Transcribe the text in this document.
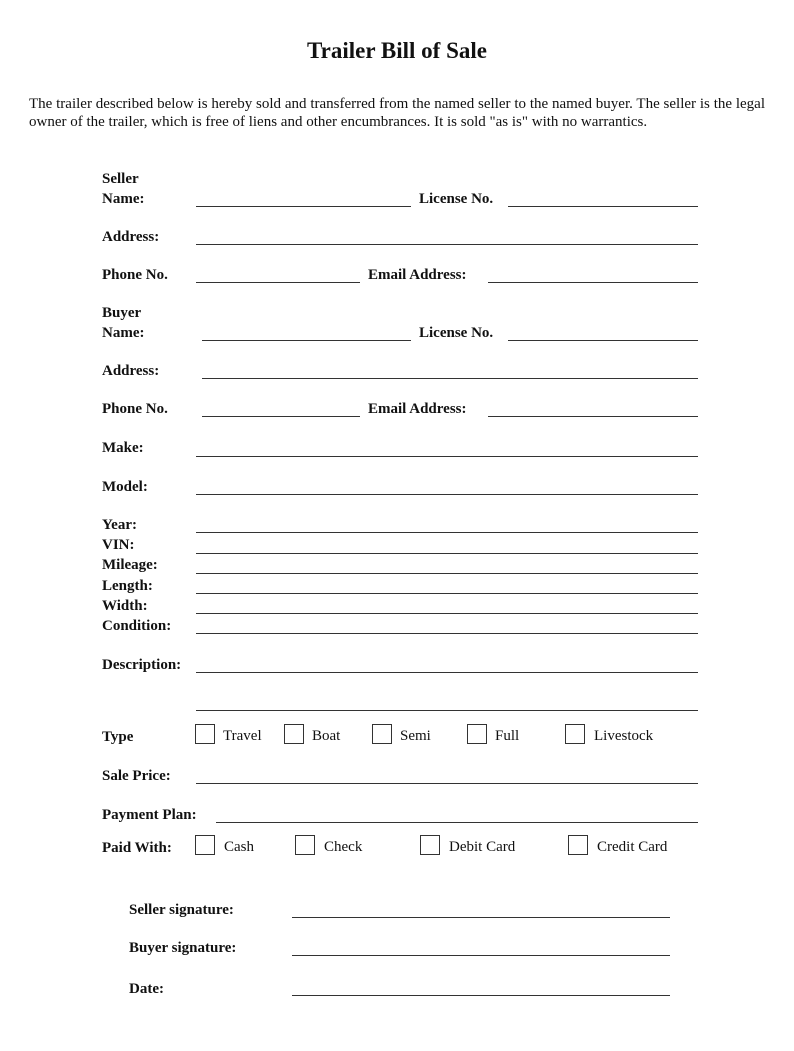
Trailer Bill of Sale
The trailer described below is hereby sold and transferred from the named seller to the named buyer. The seller is the legal owner of the trailer, which is free of liens and other encumbrances. It is sold "as is" with no warrantics.
Seller
Name:	License No.
Address:
Phone No.	Email Address:
Buyer
Name:	License No.
Address:
Phone No.	Email Address:
Make:
Model:
Year:
VIN:
Mileage:
Length:
Width:
Condition:
Description:
Type	Travel	Boat	Semi	Full	Livestock
Sale Price:
Payment Plan:
Paid With:	Cash	Check	Debit Card	Credit Card
Seller signature:
Buyer signature:
Date:
